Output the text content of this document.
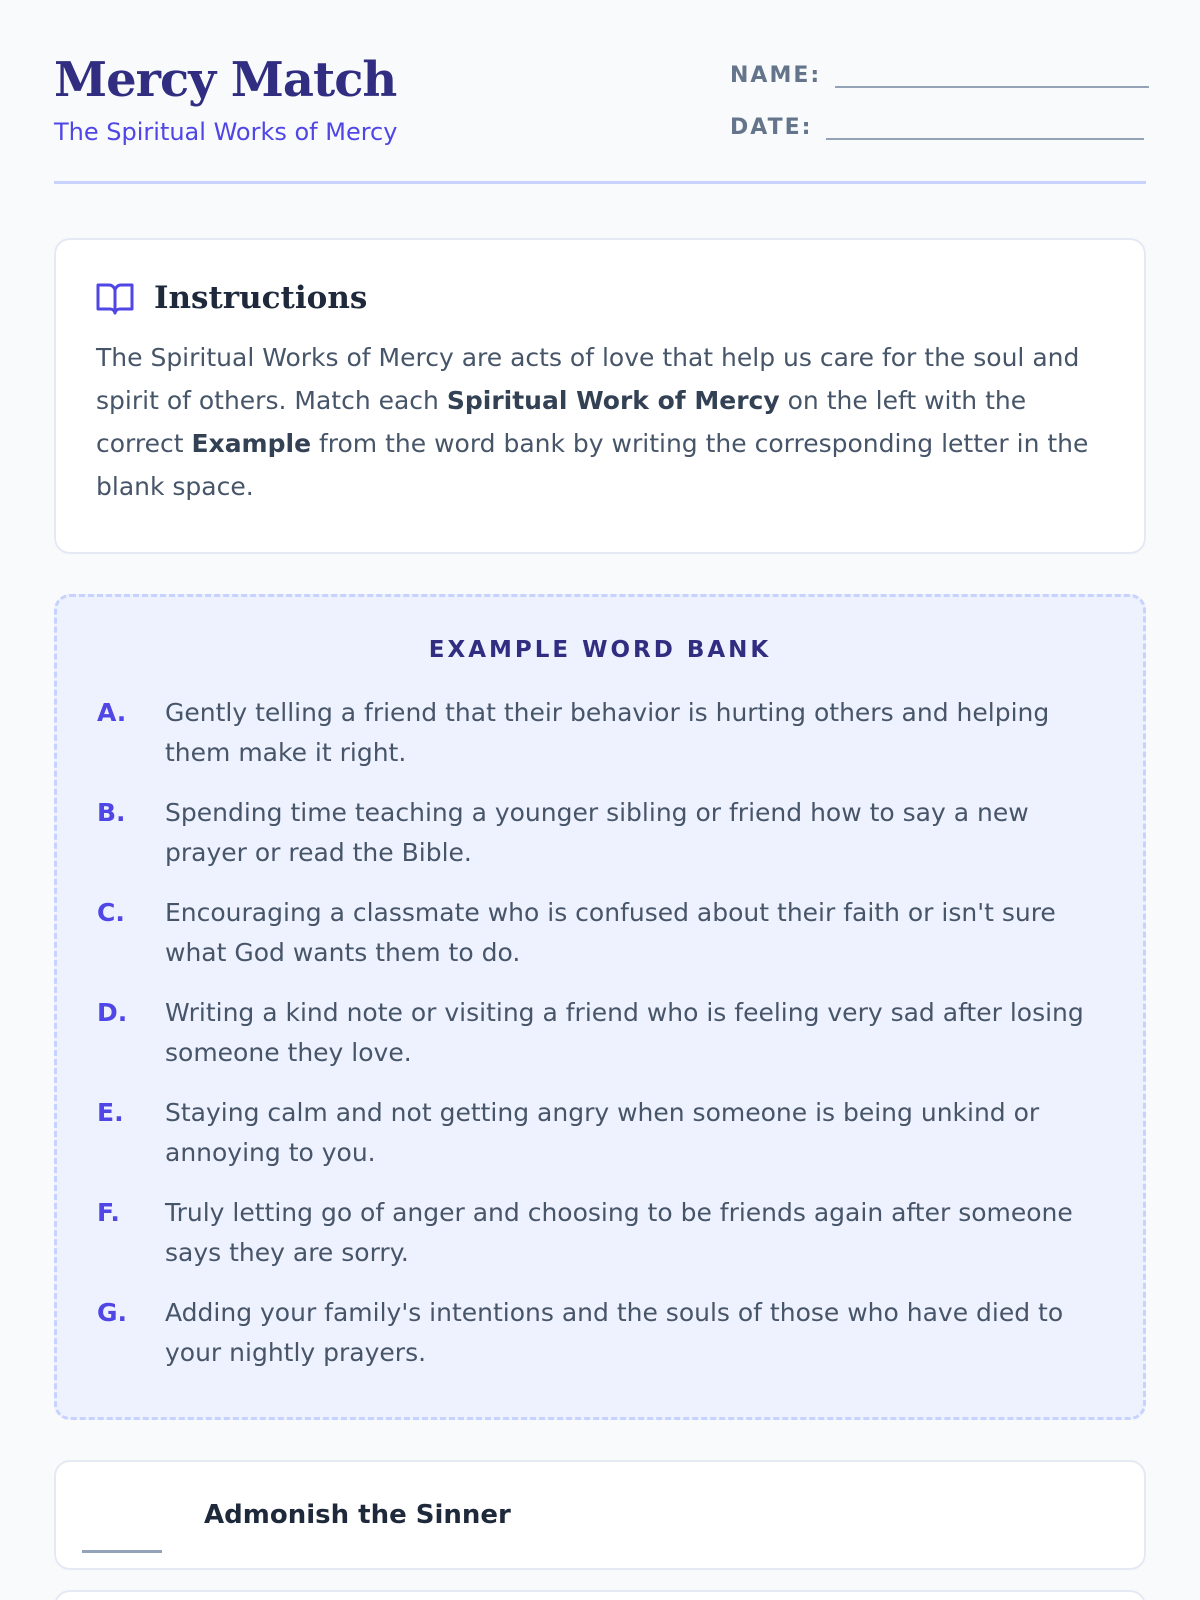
Mercy Match
The Spiritual Works of Mercy
NAME:
DATE:
Instructions

The Spiritual Works of Mercy are acts of love that help us care for the soul and spirit of others. Match each Spiritual Work of Mercy on the left with the correct Example from the word bank by writing the corresponding letter in the blank space.

EXAMPLE WORD BANK
A.	Gently telling a friend that their behavior is hurting others and helping them make it right.
B.	Spending time teaching a younger sibling or friend how to say a new prayer or read the Bible.
C.	Encouraging a classmate who is confused about their faith or isn't sure what God wants them to do.
D.	Writing a kind note or visiting a friend who is feeling very sad after losing someone they love.
E.	Staying calm and not getting angry when someone is being unkind or annoying to you.
F.	Truly letting go of anger and choosing to be friends again after someone says they are sorry.
G.	Adding your family's intentions and the souls of those who have died to your nightly prayers.
Admonish the Sinner
